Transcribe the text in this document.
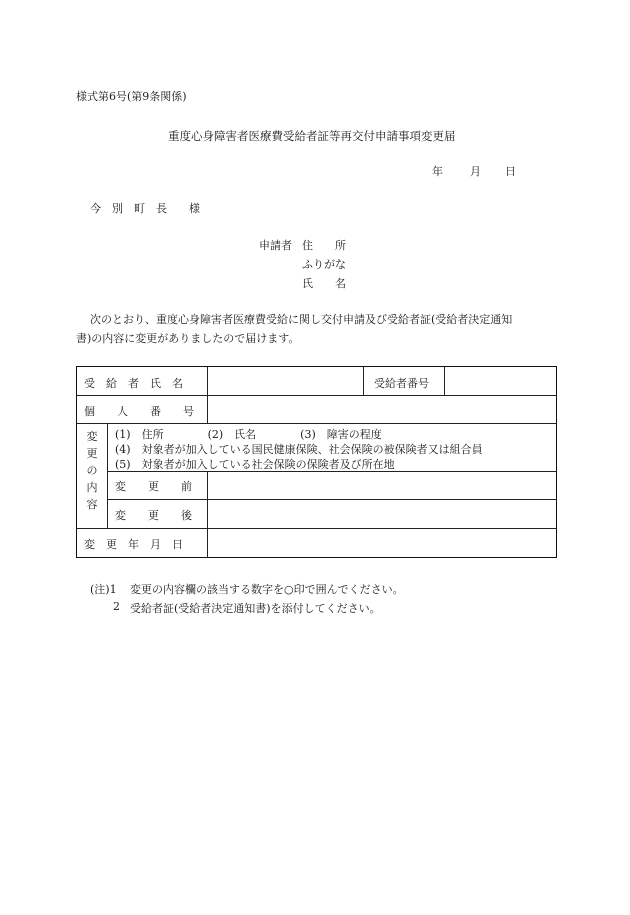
様式第6号(第9条関係)
重度心身障害者医療費受給者証等再交付申請事項変更届
年 月 日
今　別　町　長　　様
申請者 住　　所
ふりがな
氏　　名
次のとおり、重度心身障害者医療費受給に関し交付申請及び受給者証(受給者決定通知
書)の内容に変更がありましたので届けます。
受　給　者　氏　名	受給者番号
個　　人　　番　　号
変
更
の
内
容
(1)　住所　　　　(2)　氏名　　　　(3)　障害の程度
(4)　対象者が加入している国民健康保険、社会保険の被保険者又は組合員
(5)　対象者が加入している社会保険の保険者及び所在地
変　　更　　前
変　　更　　後
変　更　年　月　日
(注)1 変更の内容欄の該当する数字を○印で囲んでください。
2 受給者証(受給者決定通知書)を添付してください。
